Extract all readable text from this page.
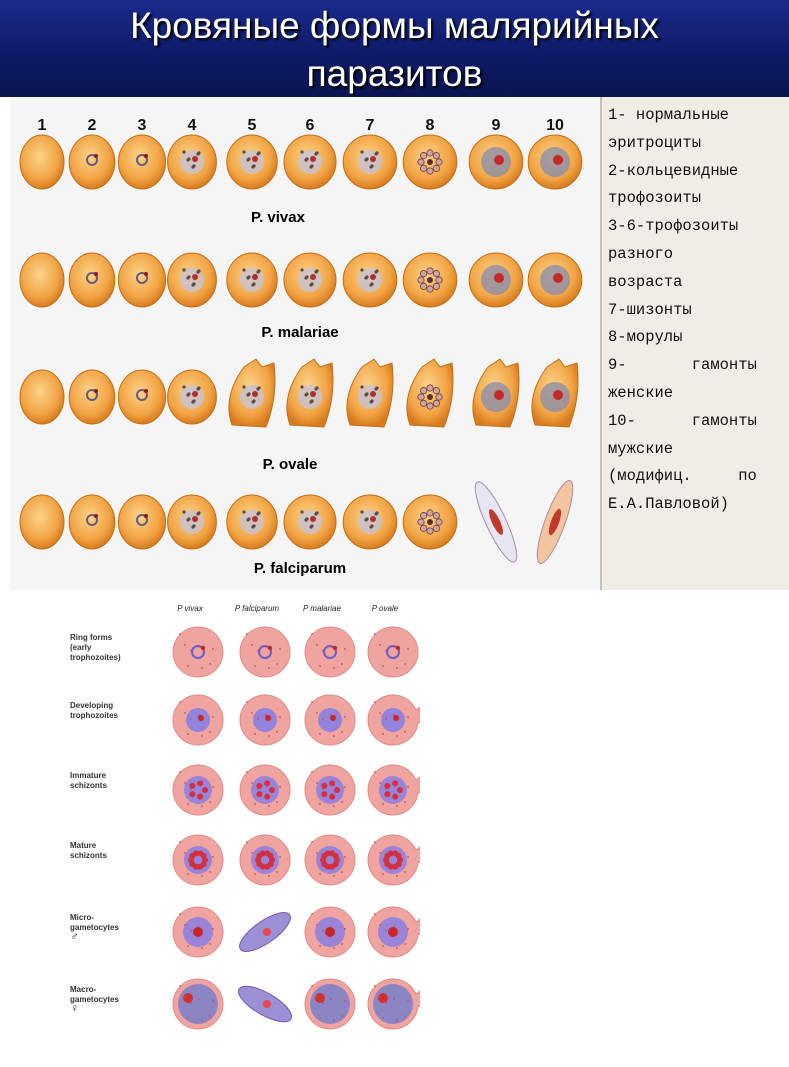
Кровяные формы малярийных
паразитов
1	2	3	4	5	6	7	8	9	10
P. vivax
P. malariae
P. ovale
P. falciparum
1- нормальные
эритроциты
2-кольцевидные
трофозоиты
3-6-трофозоиты
разного
возраста
7-шизонты
8-морулы
9-       гамонты
женские
10-      гамонты
мужские
(модифиц.     по
Е.А.Павловой)
P vivax	P falciparum	P malariae	P ovale
Ring forms
(early
trophozoites)
Developing
trophozoites
Immature
schizonts
Mature
schizonts
Micro-
gametocytes
♂
Macro-
gametocytes
♀
